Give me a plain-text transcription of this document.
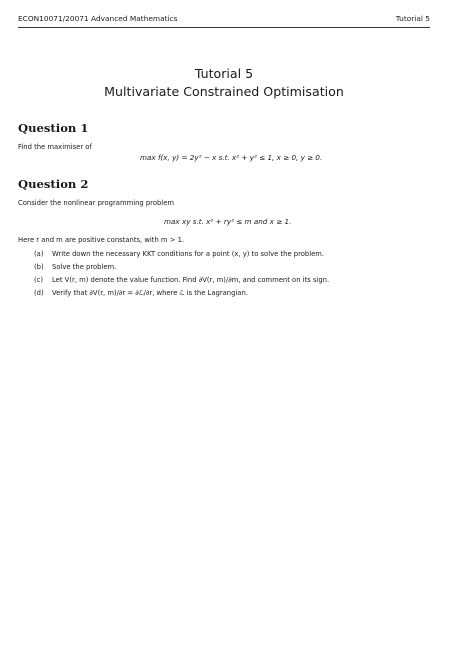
ECON10071/20071 Advanced Mathematics	Tutorial 5
Tutorial 5
Multivariate Constrained Optimisation
Question 1
Find the maximiser of
max f(x, y) = 2y² − x s.t. x² + y² ≤ 1, x ≥ 0, y ≥ 0.
Question 2
Consider the nonlinear programming problem
max xy s.t. x² + ry² ≤ m and x ≥ 1.
Here r and m are positive constants, with m > 1.
(a) Write down the necessary KKT conditions for a point (x, y) to solve the problem.
(b) Solve the problem.
(c) Let V(r, m) denote the value function. Find ∂V(r, m)/∂m, and comment on its sign.
(d) Verify that ∂V(r, m)/∂r = ∂ℒ/∂r, where ℒ is the Lagrangian.
